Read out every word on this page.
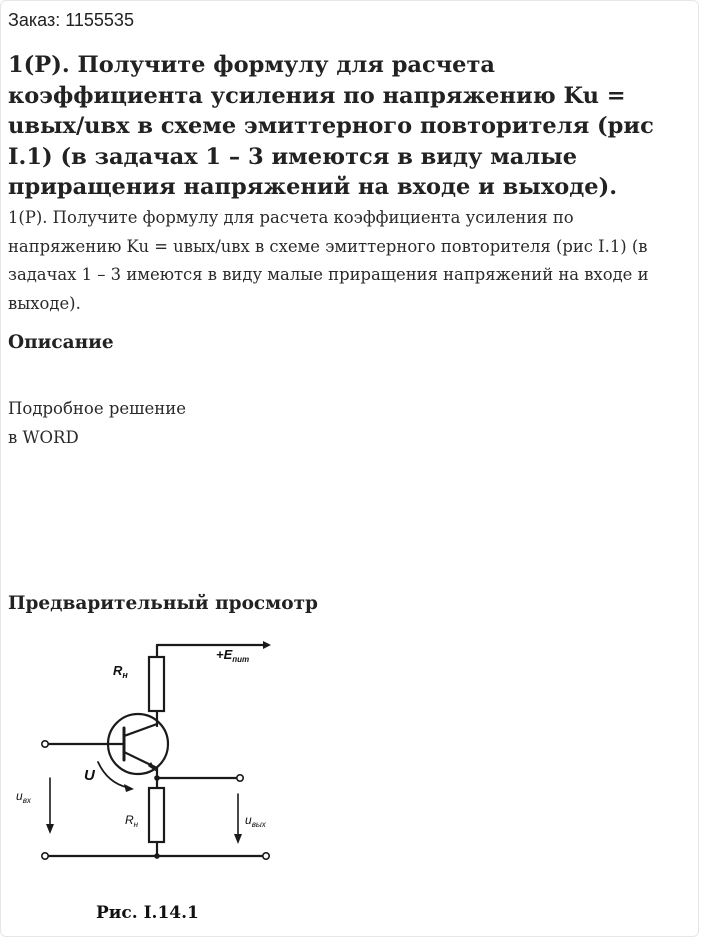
Заказ: 1155535
1(P). Получите формулу для расчета коэффициента усиления по напряжению Ku = uвых/uвх в схеме эмиттерного повторителя (рис I.1) (в задачах 1 – 3 имеются в виду малые приращения напряжений на входе и выходе).

1(P). Получите формулу для расчета коэффициента усиления по напряжению Ku = uвых/uвх в схеме эмиттерного повторителя (рис I.1) (в задачах 1 – 3 имеются в виду малые приращения напряжений на входе и выходе).

Описание

Подробное решение
в WORD

Предварительный просмотр
$R_н$
$+E_{пит}$
U
$u_{вх}$
$R_н$	$u_{вых}$
Рис. I.14.1
